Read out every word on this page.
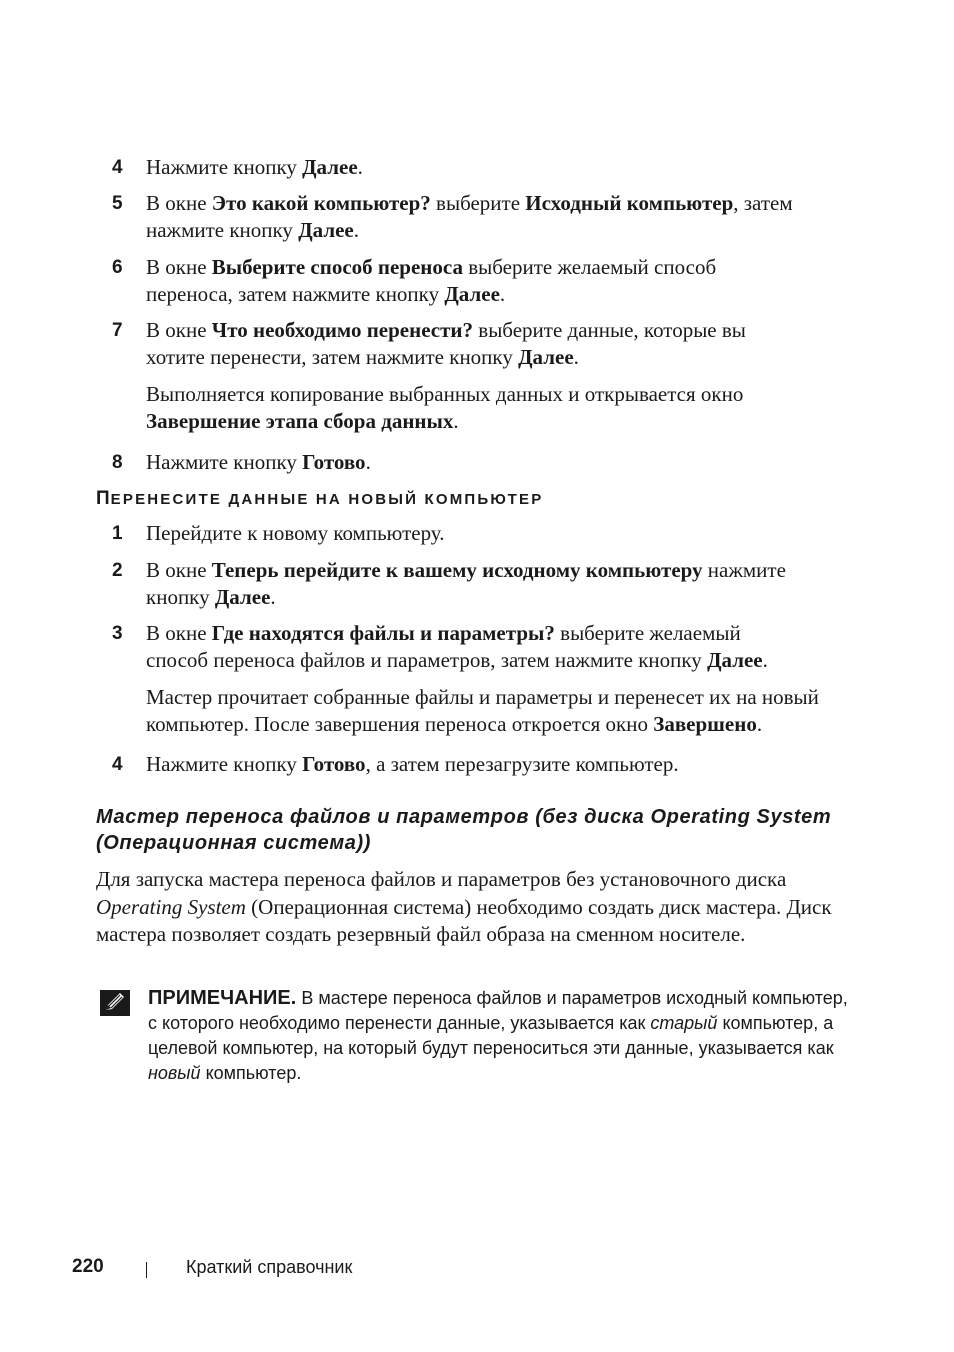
4 Нажмите кнопку Далее.
5 В окне Это какой компьютер? выберите Исходный компьютер, затем нажмите кнопку Далее.
6 В окне Выберите способ переноса выберите желаемый способ переноса, затем нажмите кнопку Далее.
7 В окне Что необходимо перенести? выберите данные, которые вы хотите перенести, затем нажмите кнопку Далее.
Выполняется копирование выбранных данных и открывается окно Завершение этапа сбора данных.
8 Нажмите кнопку Готово.
ПЕРЕНЕСИТЕ ДАННЫЕ НА НОВЫЙ КОМПЬЮТЕР
1 Перейдите к новому компьютеру.
2 В окне Теперь перейдите к вашему исходному компьютеру нажмите кнопку Далее.
3 В окне Где находятся файлы и параметры? выберите желаемый способ переноса файлов и параметров, затем нажмите кнопку Далее.
Мастер прочитает собранные файлы и параметры и перенесет их на новый компьютер. После завершения переноса откроется окно Завершено.
4 Нажмите кнопку Готово, а затем перезагрузите компьютер.
Мастер переноса файлов и параметров (без диска Operating System (Операционная система))
Для запуска мастера переноса файлов и параметров без установочного диска Operating System (Операционная система) необходимо создать диск мастера. Диск мастера позволяет создать резервный файл образа на сменном носителе.
ПРИМЕЧАНИЕ. В мастере переноса файлов и параметров исходный компьютер, с которого необходимо перенести данные, указывается как старый компьютер, а целевой компьютер, на который будут переноситься эти данные, указывается как новый компьютер.
220	Краткий справочник
